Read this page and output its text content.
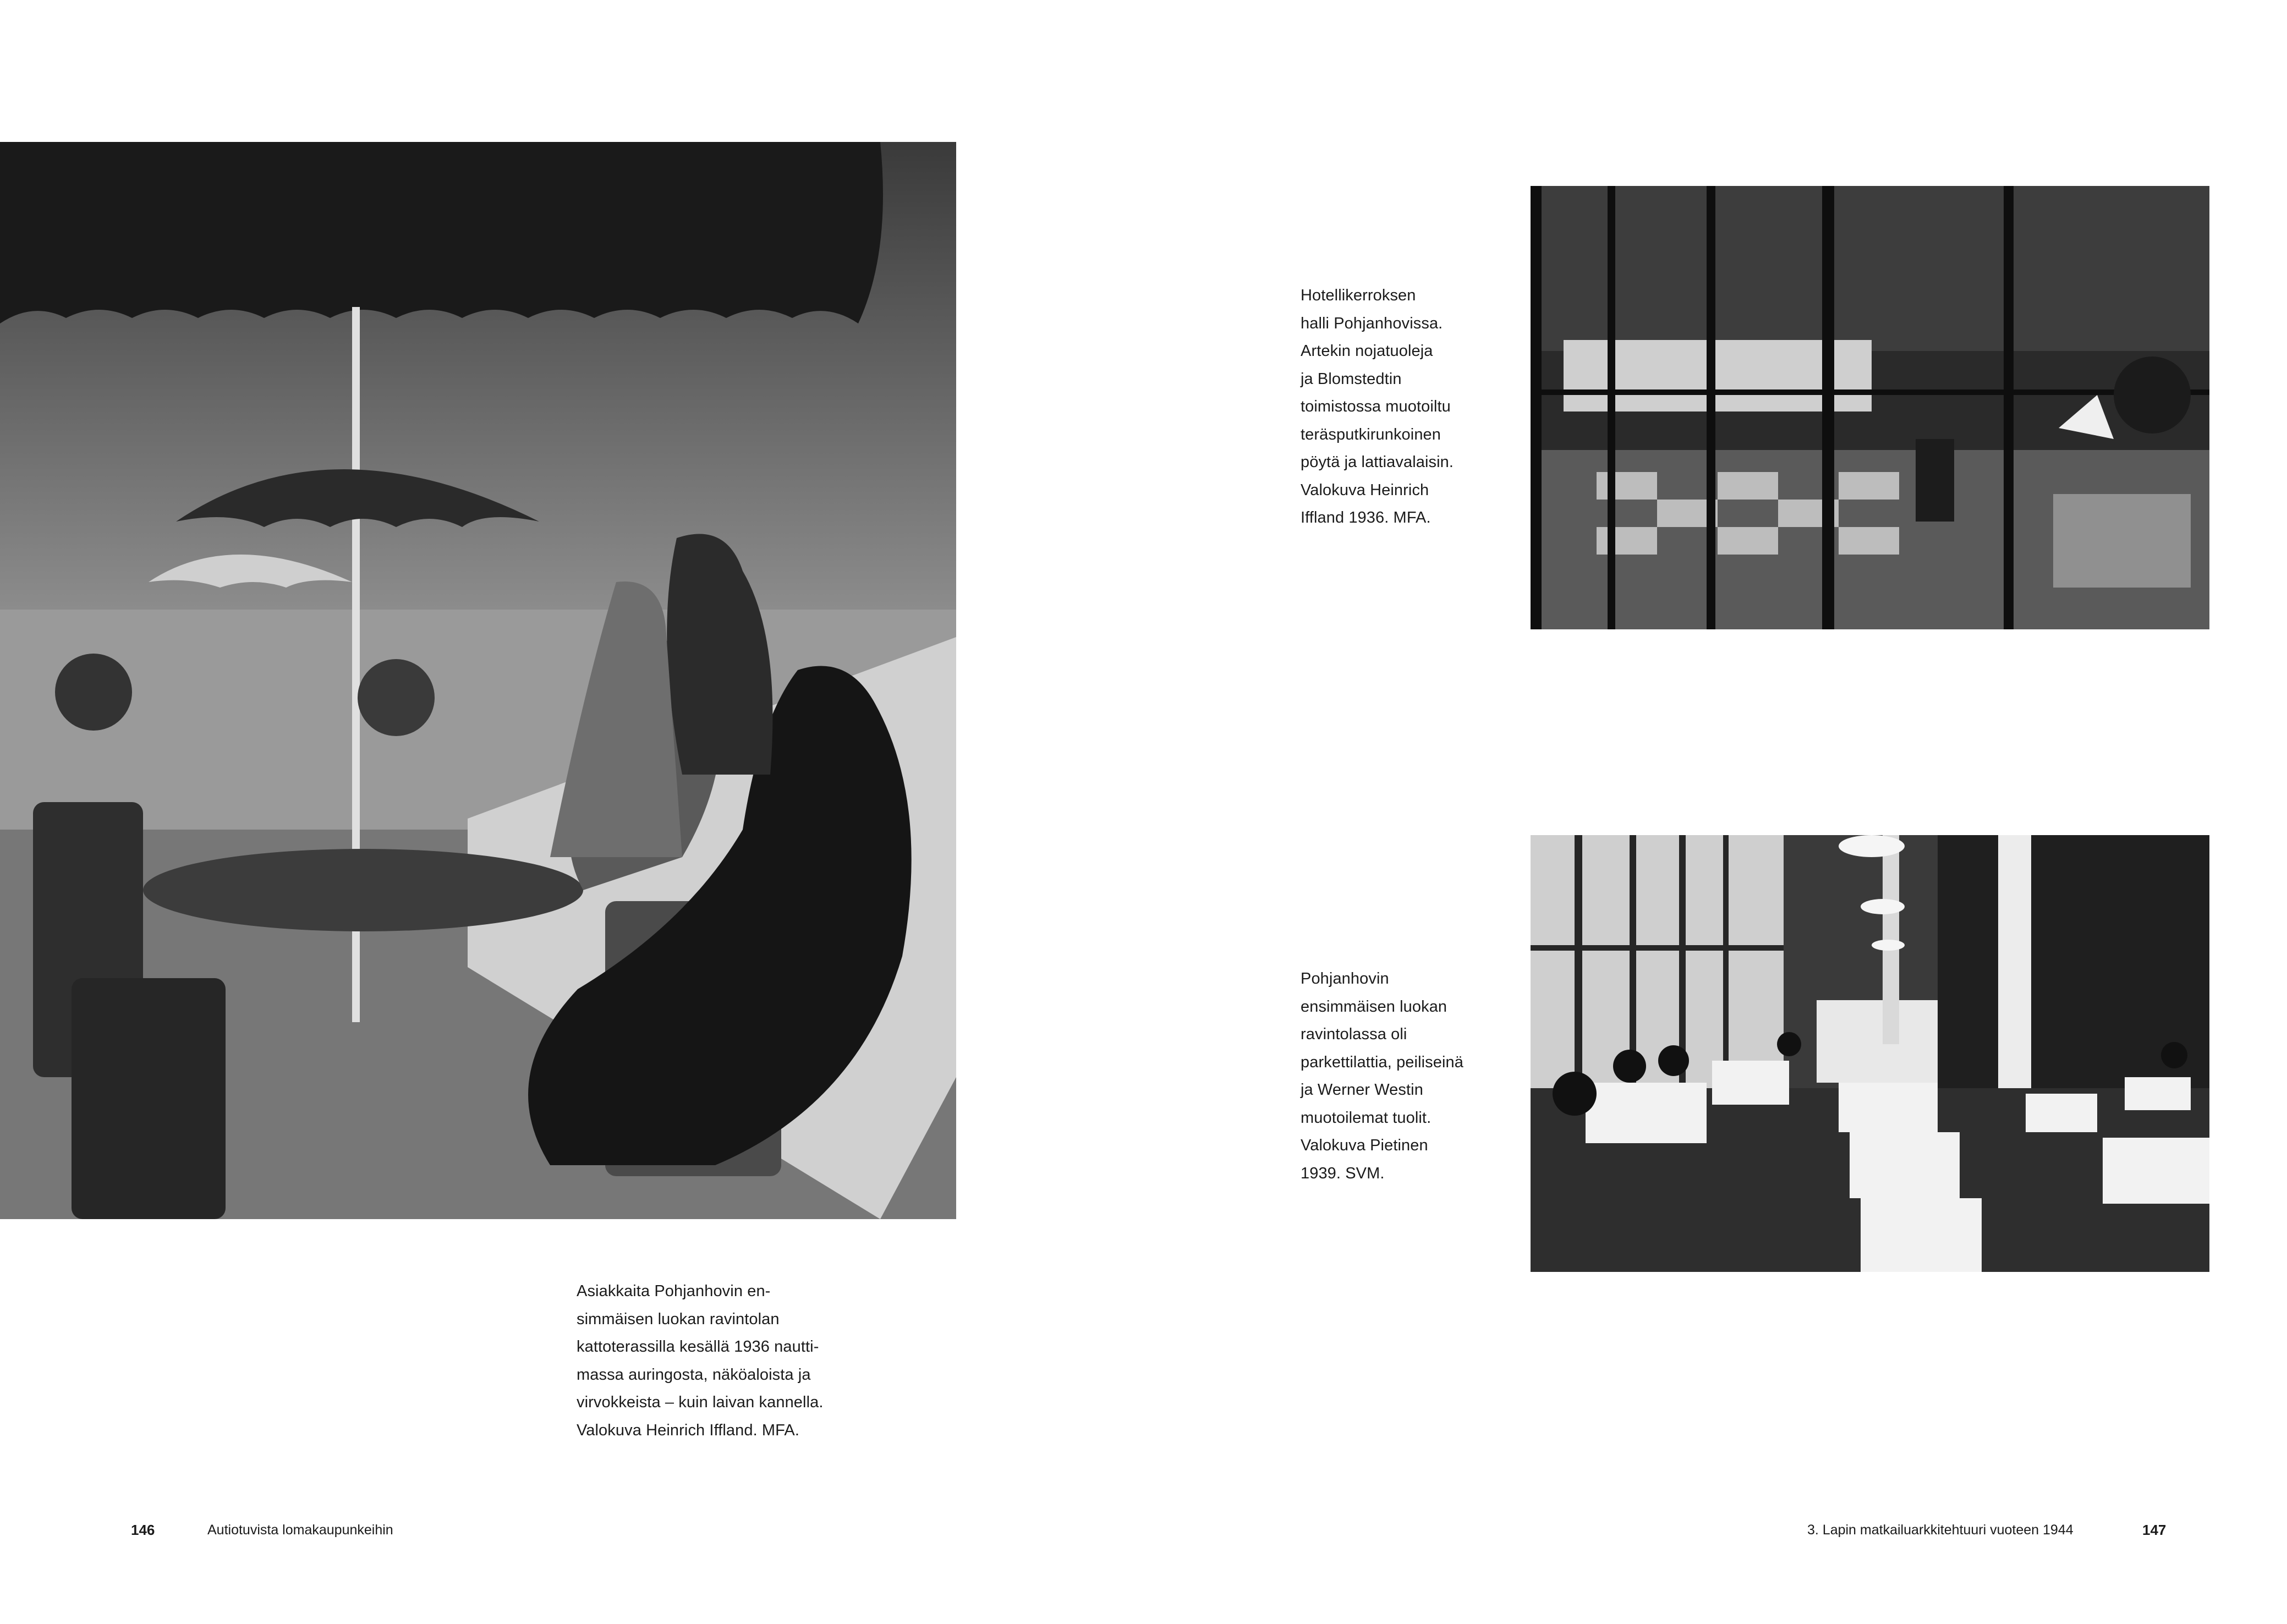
Asiakkaita Pohjanhovin en-
simmäisen luokan ravintolan
kattoterassilla kesällä 1936 nautti-
massa auringosta, näköaloista ja
virvokkeista – kuin laivan kannella.
Valokuva Heinrich Iffland. MFA.
Hotellikerroksen
halli Pohjanhovissa.
Artekin nojatuoleja
ja Blomstedtin
toimistossa muotoiltu
teräsputkirunkoinen
pöytä ja lattiavalaisin.
Valokuva Heinrich
Iffland 1936. MFA.
Pohjanhovin
ensimmäisen luokan
ravintolassa oli
parkettilattia, peiliseinä
ja Werner Westin
muotoilemat tuolit.
Valokuva Pietinen
1939. SVM.
146	Autiotuvista lomakaupunkeihin	3. Lapin matkailuarkkitehtuuri vuoteen 1944	147
